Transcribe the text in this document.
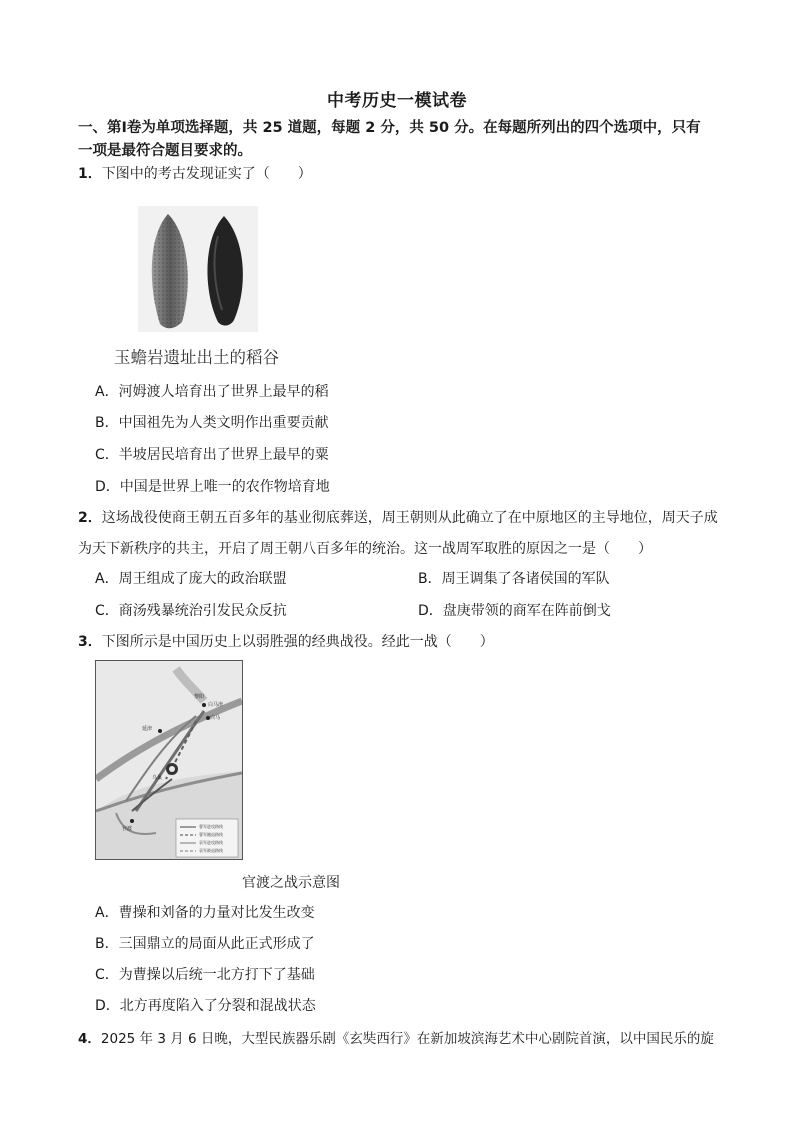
中考历史一模试卷
一、第Ⅰ卷为单项选择题，共 25 道题，每题 2 分，共 50 分。在每题所列出的四个选项中，只有
一项是最符合题目要求的。
1．下图中的考古发现证实了（　　）
玉蟾岩遗址出土的稻谷
A．河姆渡人培育出了世界上最早的稻
B．中国祖先为人类文明作出重要贡献
C．半坡居民培育出了世界上最早的粟
D．中国是世界上唯一的农作物培育地
2．这场战役使商王朝五百多年的基业彻底葬送，周王朝则从此确立了在中原地区的主导地位，周天子成
为天下新秩序的共主，开启了周王朝八百多年的统治。这一战周军取胜的原因之一是（　　）
A．周王组成了庞大的政治联盟	B．周王调集了各诸侯国的军队
C．商汤残暴统治引发民众反抗	D．盘庚带领的商军在阵前倒戈
3．下图所示是中国历史上以弱胜强的经典战役。经此一战（　　）
黎阳
白马津
白马
延津
乌巢
官渡	曹军进攻路线
曹军撤退路线
袁军进攻路线
袁军败退路线
官渡之战示意图
A．曹操和刘备的力量对比发生改变
B．三国鼎立的局面从此正式形成了
C．为曹操以后统一北方打下了基础
D．北方再度陷入了分裂和混战状态
4．2025 年 3 月 6 日晚，大型民族器乐剧《玄奘西行》在新加坡滨海艺术中心剧院首演，以中国民乐的旋
